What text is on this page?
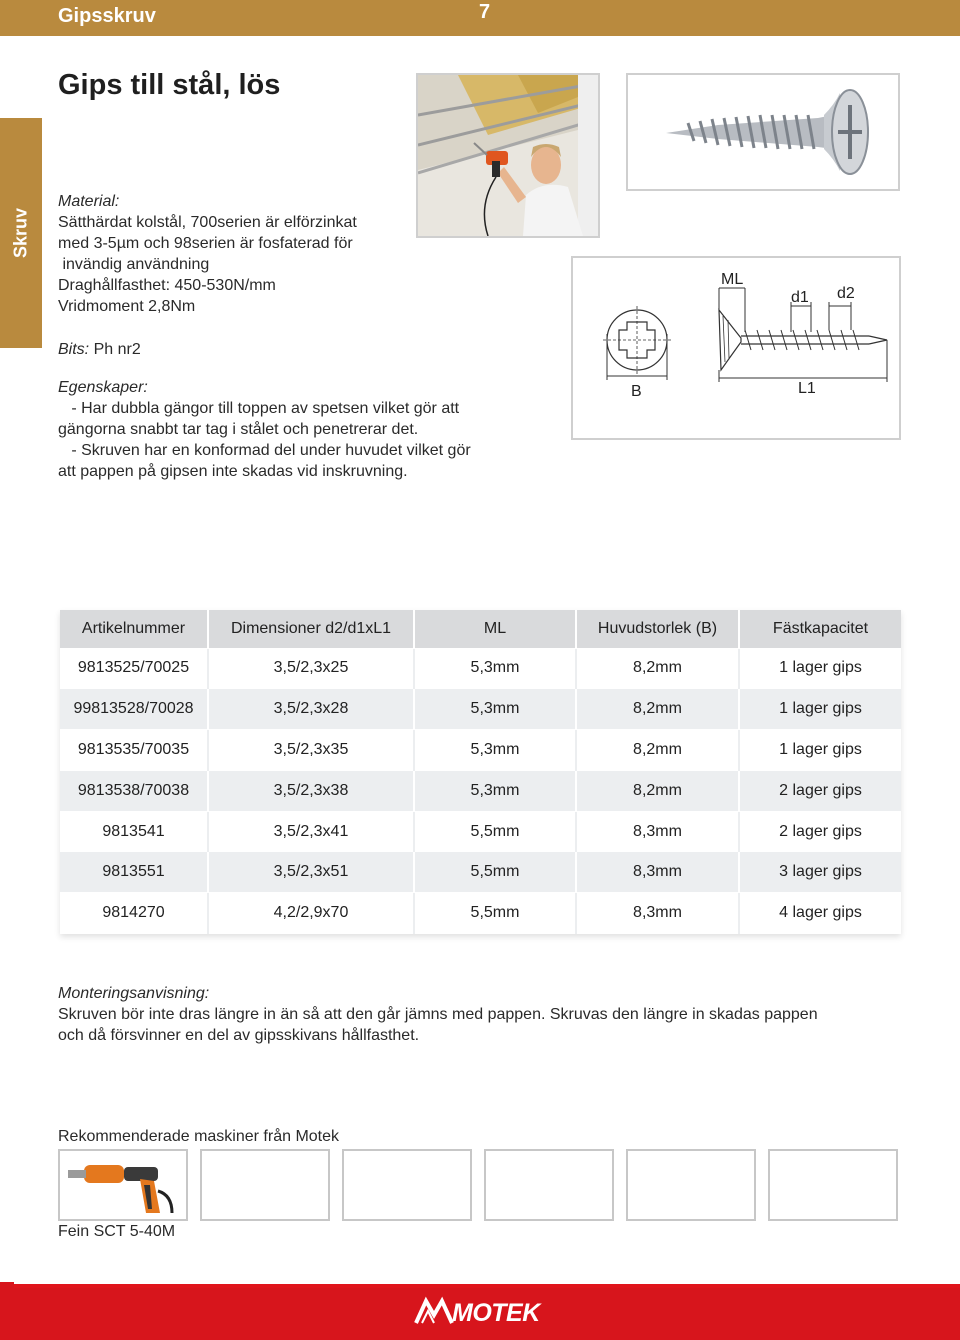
Gipsskruv	7
Skruv
Gips till stål, lös
Material:
Sätthärdat kolstål, 700serien är elförzinkat
med 3-5µm och 98serien är fosfaterad för
invändig användning
Draghållfasthet: 450-530N/mm
Vridmoment 2,8Nm
Bits: Ph nr2
Egenskaper:
- Har dubbla gängor till toppen av spetsen vilket gör att
gängorna snabbt tar tag i stålet och penetrerar det.
- Skruven har en konformad del under huvudet vilket gör
att pappen på gipsen inte skadas vid inskruvning.
ML
d1 d2
B	L1
Artikelnummer	Dimensioner d2/d1xL1	ML	Huvudstorlek (B)	Fästkapacitet
9813525/70025	3,5/2,3x25	5,3mm	8,2mm	1 lager gips
99813528/70028	3,5/2,3x28	5,3mm	8,2mm	1 lager gips
9813535/70035	3,5/2,3x35	5,3mm	8,2mm	1 lager gips
9813538/70038	3,5/2,3x38	5,3mm	8,2mm	2 lager gips
9813541	3,5/2,3x41	5,5mm	8,3mm	2 lager gips
9813551	3,5/2,3x51	5,5mm	8,3mm	3 lager gips
9814270	4,2/2,9x70	5,5mm	8,3mm	4 lager gips
Monteringsanvisning:
Skruven bör inte dras längre in än så att den går jämns med pappen. Skruvas den längre in skadas pappen
och då försvinner en del av gipsskivans hållfasthet.
Rekommenderade maskiner från Motek
Fein SCT 5-40M
MOTEK
